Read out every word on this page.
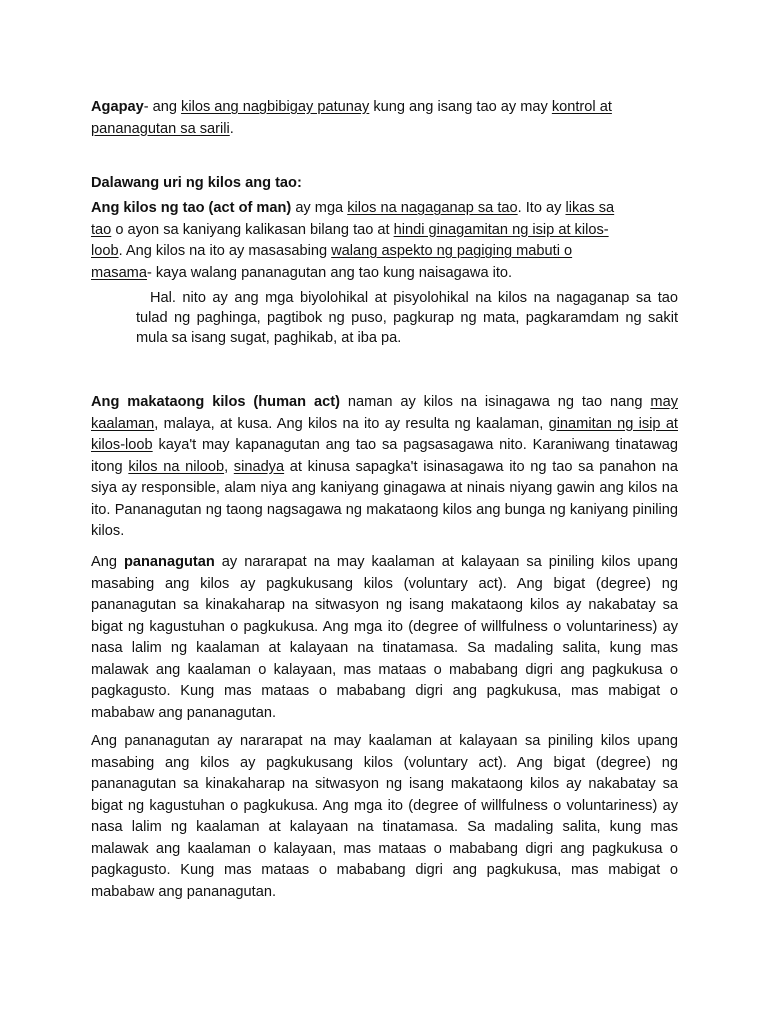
Agapay- ang kilos ang nagbibigay patunay kung ang isang tao ay may kontrol at pananagutan sa sarili.

Dalawang uri ng kilos ang tao:

Ang kilos ng tao (act of man) ay mga kilos na nagaganap sa tao. Ito ay likas sa tao o ayon sa kaniyang kalikasan bilang tao at hindi ginagamitan ng isip at kilos- loob. Ang kilos na ito ay masasabing walang aspekto ng pagiging mabuti o masama- kaya walang pananagutan ang tao kung naisagawa ito.

Hal. nito ay ang mga biyolohikal at pisyolohikal na kilos na nagaganap sa tao tulad ng paghinga, pagtibok ng puso, pagkurap ng mata, pagkaramdam ng sakit mula sa isang sugat, paghikab, at iba pa.

Ang makataong kilos (human act) naman ay kilos na isinagawa ng tao nang may kaalaman, malaya, at kusa. Ang kilos na ito ay resulta ng kaalaman, ginamitan ng isip at kilos-loob kaya't may kapanagutan ang tao sa pagsasagawa nito. Karaniwang tinatawag itong kilos na niloob, sinadya at kinusa sapagka't isinasagawa ito ng tao sa panahon na siya ay responsible, alam niya ang kaniyang ginagawa at ninais niyang gawin ang kilos na ito. Pananagutan ng taong nagsagawa ng makataong kilos ang bunga ng kaniyang piniling kilos.

Ang pananagutan ay nararapat na may kaalaman at kalayaan sa piniling kilos upang masabing ang kilos ay pagkukusang kilos (voluntary act). Ang bigat (degree) ng pananagutan sa kinakaharap na sitwasyon ng isang makataong kilos ay nakabatay sa bigat ng kagustuhan o pagkukusa. Ang mga ito (degree of willfulness o voluntariness) ay nasa lalim ng kaalaman at kalayaan na tinatamasa. Sa madaling salita, kung mas malawak ang kaalaman o kalayaan, mas mataas o mababang digri ang pagkukusa o pagkagusto. Kung mas mataas o mababang digri ang pagkukusa, mas mabigat o mababaw ang pananagutan.

Ang pananagutan ay nararapat na may kaalaman at kalayaan sa piniling kilos upang masabing ang kilos ay pagkukusang kilos (voluntary act). Ang bigat (degree) ng pananagutan sa kinakaharap na sitwasyon ng isang makataong kilos ay nakabatay sa bigat ng kagustuhan o pagkukusa. Ang mga ito (degree of willfulness o voluntariness) ay nasa lalim ng kaalaman at kalayaan na tinatamasa. Sa madaling salita, kung mas malawak ang kaalaman o kalayaan, mas mataas o mababang digri ang pagkukusa o pagkagusto. Kung mas mataas o mababang digri ang pagkukusa, mas mabigat o mababaw ang pananagutan.
